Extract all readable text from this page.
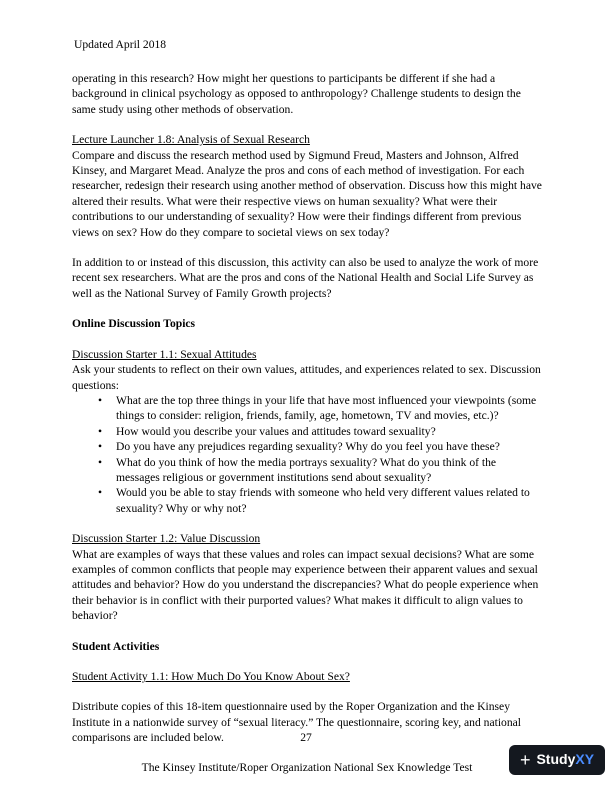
Updated April 2018

operating in this research? How might her questions to participants be different if she had a background in clinical psychology as opposed to anthropology? Challenge students to design the same study using other methods of observation.

Lecture Launcher 1.8: Analysis of Sexual Research

Compare and discuss the research method used by Sigmund Freud, Masters and Johnson, Alfred Kinsey, and Margaret Mead. Analyze the pros and cons of each method of investigation. For each researcher, redesign their research using another method of observation. Discuss how this might have altered their results. What were their respective views on human sexuality? What were their contributions to our understanding of sexuality? How were their findings different from previous views on sex? How do they compare to societal views on sex today?

In addition to or instead of this discussion, this activity can also be used to analyze the work of more recent sex researchers. What are the pros and cons of the National Health and Social Life Survey as well as the National Survey of Family Growth projects?

Online Discussion Topics

Discussion Starter 1.1: Sexual Attitudes

Ask your students to reflect on their own values, attitudes, and experiences related to sex. Discussion questions:

• What are the top three things in your life that have most influenced your viewpoints (some things to consider: religion, friends, family, age, hometown, TV and movies, etc.)?
• How would you describe your values and attitudes toward sexuality?
• Do you have any prejudices regarding sexuality? Why do you feel you have these?
• What do you think of how the media portrays sexuality? What do you think of the messages religious or government institutions send about sexuality?
• Would you be able to stay friends with someone who held very different values related to sexuality? Why or why not?

Discussion Starter 1.2: Value Discussion

What are examples of ways that these values and roles can impact sexual decisions? What are some examples of common conflicts that people may experience between their apparent values and sexual attitudes and behavior? How do you understand the discrepancies? What do people experience when their behavior is in conflict with their purported values? What makes it difficult to align values to behavior?

Student Activities

Student Activity 1.1: How Much Do You Know About Sex?

Distribute copies of this 18-item questionnaire used by the Roper Organization and the Kinsey Institute in a nationwide survey of “sexual literacy.” The questionnaire, scoring key, and national comparisons are included below.

The Kinsey Institute/Roper Organization National Sex Knowledge Test

27
+ StudyXY
